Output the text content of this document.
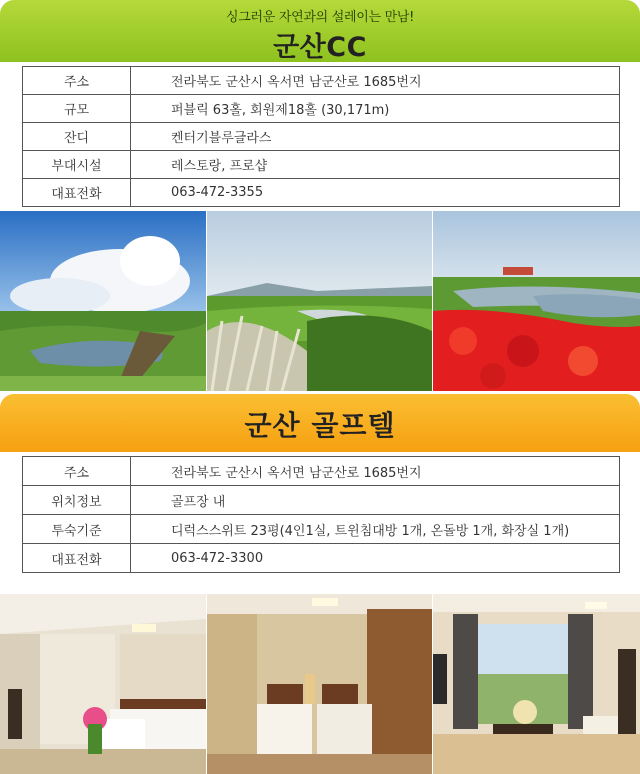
싱그러운 자연과의 설레이는 만남!
군산CC
주소	전라북도 군산시 옥서면 남군산로 1685번지
규모	퍼블릭 63홀, 회원제18홀 (30,171m)
잔디	켄터기블루글라스
부대시설	레스토랑, 프로샵
대표전화	063-472-3355
군산 골프텔
주소	전라북도 군산시 옥서면 남군산로 1685번지
위치정보	골프장 내
투숙기준	디럭스스위트 23평(4인1실, 트윈침대방 1개, 온돌방 1개, 화장실 1개)
대표전화	063-472-3300
